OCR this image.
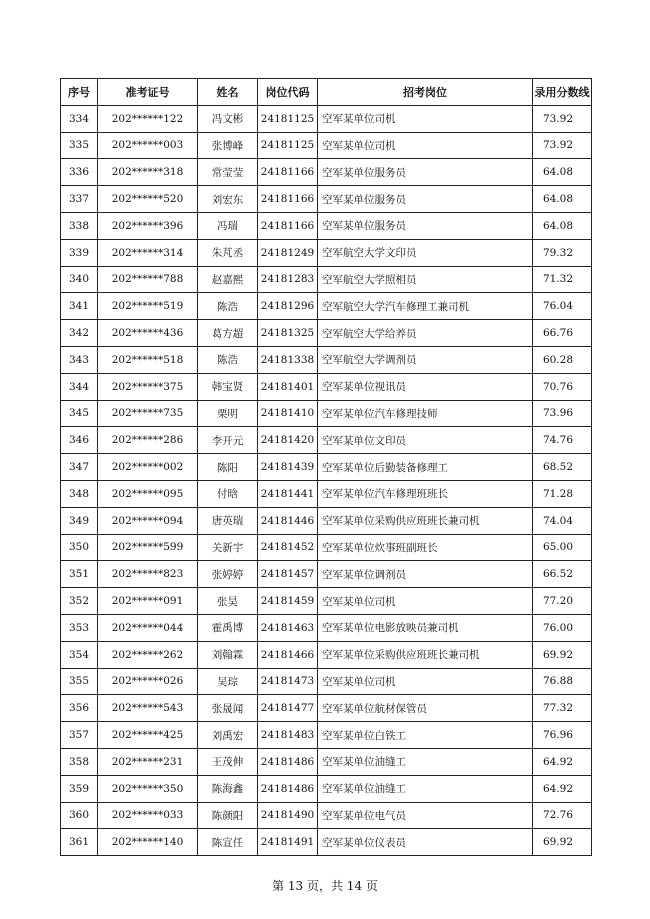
序号	准考证号	姓名	岗位代码	招考岗位	录用分数线
334	202******122	冯文彬	24181125	空军某单位司机	73.92
335	202******003	张博峰	24181125	空军某单位司机	73.92
336	202******318	常莹莹	24181166	空军某单位服务员	64.08
337	202******520	刘宏东	24181166	空军某单位服务员	64.08
338	202******396	冯瑞	24181166	空军某单位服务员	64.08
339	202******314	朱芃丞	24181249	空军航空大学文印员	79.32
340	202******788	赵嘉熙	24181283	空军航空大学照相员	71.32
341	202******519	陈浩	24181296	空军航空大学汽车修理工兼司机	76.04
342	202******436	葛方超	24181325	空军航空大学给养员	66.76
343	202******518	陈浩	24181338	空军航空大学调剂员	60.28
344	202******375	韩宝贤	24181401	空军某单位视讯员	70.76
345	202******735	栗明	24181410	空军某单位汽车修理技师	73.96
346	202******286	李开元	24181420	空军某单位文印员	74.76
347	202******002	陈阳	24181439	空军某单位后勤装备修理工	68.52
348	202******095	付晗	24181441	空军某单位汽车修理班班长	71.28
349	202******094	唐英瑞	24181446	空军某单位采购供应班班长兼司机	74.04
350	202******599	关新宇	24181452	空军某单位炊事班副班长	65.00
351	202******823	张婷婷	24181457	空军某单位调剂员	66.52
352	202******091	张昊	24181459	空军某单位司机	77.20
353	202******044	霍禹博	24181463	空军某单位电影放映员兼司机	76.00
354	202******262	刘翰霖	24181466	空军某单位采购供应班班长兼司机	69.92
355	202******026	吴琮	24181473	空军某单位司机	76.88
356	202******543	张晟闻	24181477	空军某单位航材保管员	77.32
357	202******425	刘禹宏	24181483	空军某单位白铁工	76.96
358	202******231	王茂伸	24181486	空军某单位油缝工	64.92
359	202******350	陈海鑫	24181486	空军某单位油缝工	64.92
360	202******033	陈颜阳	24181490	空军某单位电气员	72.76
361	202******140	陈宣任	24181491	空军某单位仪表员	69.92
第 13 页，共 14 页
